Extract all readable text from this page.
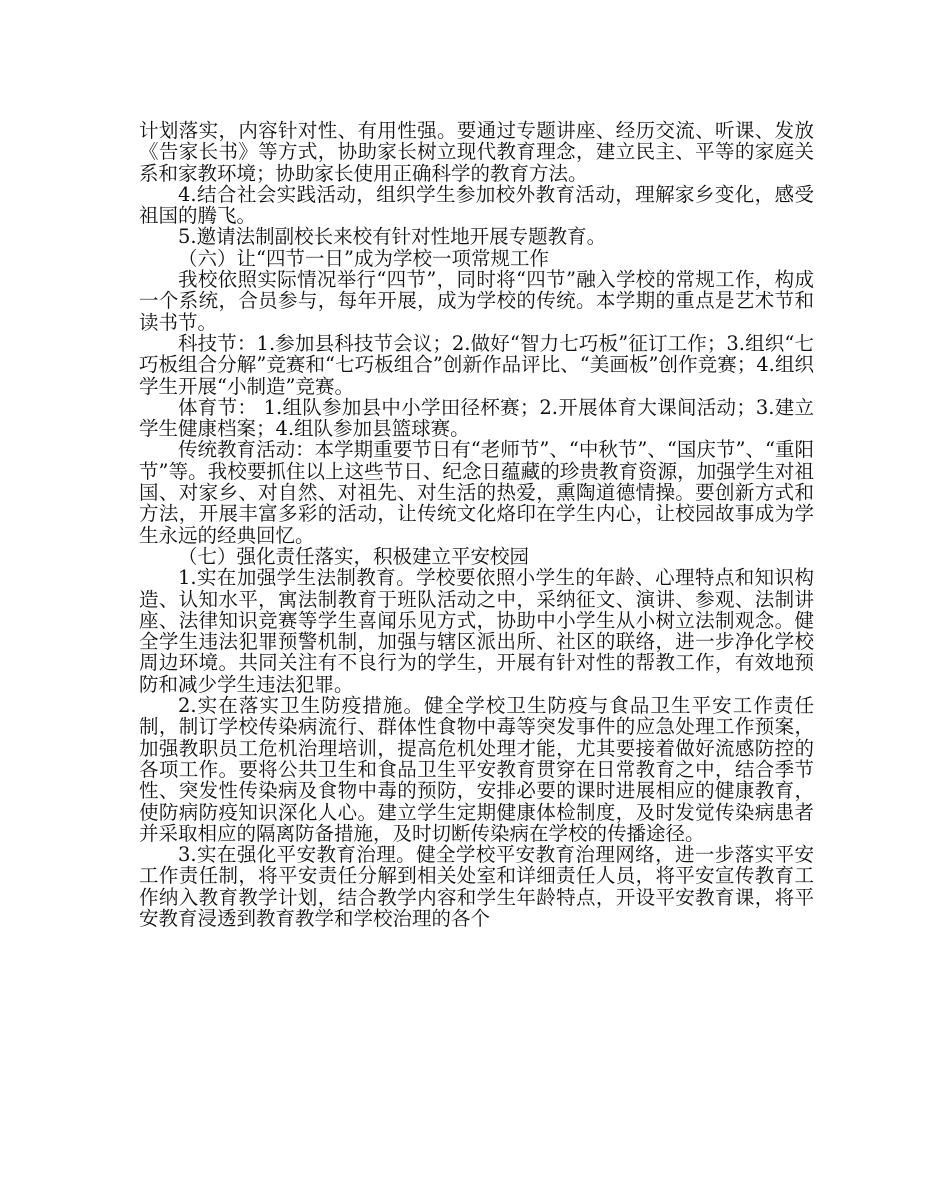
计划落实，内容针对性、有用性强。要通过专题讲座、经历交流、听课、发放《告家长书》等方式，协助家长树立现代教育理念，建立民主、平等的家庭关系和家教环境；协助家长使用正确科学的教育方法。

4.结合社会实践活动，组织学生参加校外教育活动，理解家乡变化，感受祖国的腾飞。

5.邀请法制副校长来校有针对性地开展专题教育。

（六）让“四节一日”成为学校一项常规工作

我校依照实际情况举行“四节”，同时将“四节”融入学校的常规工作，构成一个系统，合员参与，每年开展，成为学校的传统。本学期的重点是艺术节和读书节。

科技节：1.参加县科技节会议；2.做好“智力七巧板”征订工作；3.组织“七巧板组合分解”竞赛和“七巧板组合”创新作品评比、“美画板”创作竞赛；4.组织学生开展“小制造”竞赛。

体育节： 1.组队参加县中小学田径杯赛；2.开展体育大课间活动；3.建立学生健康档案；4.组队参加县篮球赛。

传统教育活动：本学期重要节日有“老师节”、“中秋节”、“国庆节”、“重阳节”等。我校要抓住以上这些节日、纪念日蕴藏的珍贵教育资源，加强学生对祖国、对家乡、对自然、对祖先、对生活的热爱，熏陶道德情操。要创新方式和方法，开展丰富多彩的活动，让传统文化烙印在学生内心，让校园故事成为学生永远的经典回忆。

（七）强化责任落实，积极建立平安校园

1.实在加强学生法制教育。学校要依照小学生的年龄、心理特点和知识构造、认知水平，寓法制教育于班队活动之中，采纳征文、演讲、参观、法制讲座、法律知识竞赛等学生喜闻乐见方式，协助中小学生从小树立法制观念。健全学生违法犯罪预警机制，加强与辖区派出所、社区的联络，进一步净化学校周边环境。共同关注有不良行为的学生，开展有针对性的帮教工作，有效地预防和减少学生违法犯罪。

2.实在落实卫生防疫措施。健全学校卫生防疫与食品卫生平安工作责任制，制订学校传染病流行、群体性食物中毒等突发事件的应急处理工作预案，加强教职员工危机治理培训，提高危机处理才能，尤其要接着做好流感防控的各项工作。要将公共卫生和食品卫生平安教育贯穿在日常教育之中，结合季节性、突发性传染病及食物中毒的预防，安排必要的课时进展相应的健康教育，使防病防疫知识深化人心。建立学生定期健康体检制度，及时发觉传染病患者并采取相应的隔离防备措施，及时切断传染病在学校的传播途径。

3.实在强化平安教育治理。健全学校平安教育治理网络，进一步落实平安工作责任制，将平安责任分解到相关处室和详细责任人员，将平安宣传教育工作纳入教育教学计划，结合教学内容和学生年龄特点，开设平安教育课，将平安教育浸透到教育教学和学校治理的各个
